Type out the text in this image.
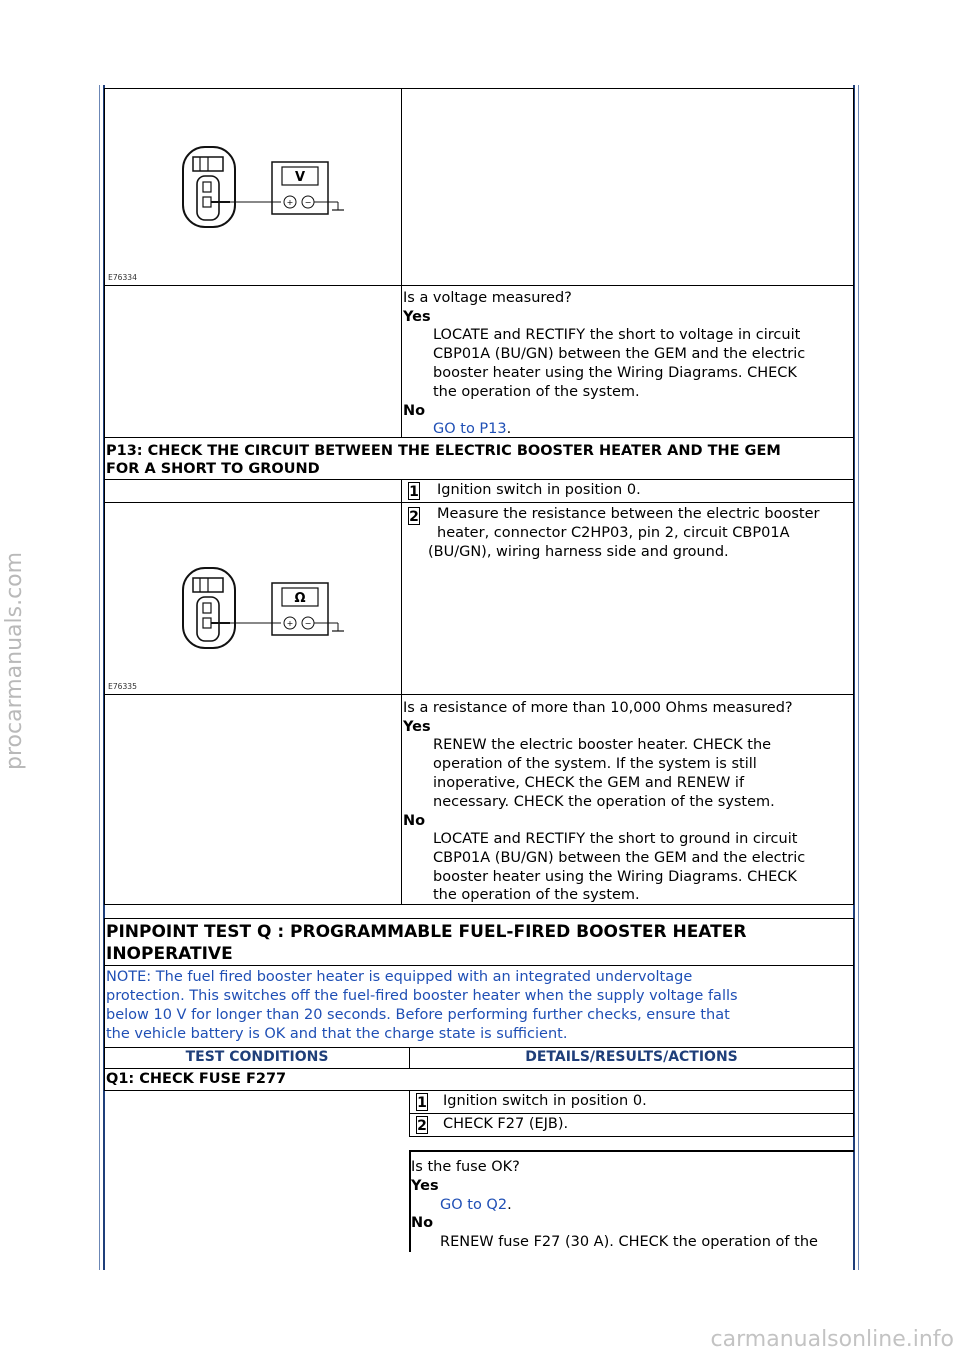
procarmanuals.com
carmanualsonline.info
V
+ −
E76334
Is a voltage measured?
Yes
LOCATE and RECTIFY the short to voltage in circuit
CBP01A (BU/GN) between the GEM and the electric
booster heater using the Wiring Diagrams. CHECK
the operation of the system.
No
GO to P13.
P13: CHECK THE CIRCUIT BETWEEN THE ELECTRIC BOOSTER HEATER AND THE GEM
FOR A SHORT TO GROUND
1 Ignition switch in position 0.
Ω
+ −
E76335
2 Measure the resistance between the electric booster
heater, connector C2HP03, pin 2, circuit CBP01A
(BU/GN), wiring harness side and ground.
Is a resistance of more than 10,000 Ohms measured?
Yes
RENEW the electric booster heater. CHECK the
operation of the system. If the system is still
inoperative, CHECK the GEM and RENEW if
necessary. CHECK the operation of the system.
No
LOCATE and RECTIFY the short to ground in circuit
CBP01A (BU/GN) between the GEM and the electric
booster heater using the Wiring Diagrams. CHECK
the operation of the system.
PINPOINT TEST Q : PROGRAMMABLE FUEL-FIRED BOOSTER HEATER
INOPERATIVE
NOTE: The fuel fired booster heater is equipped with an integrated undervoltage
protection. This switches off the fuel-fired booster heater when the supply voltage falls
below 10 V for longer than 20 seconds. Before performing further checks, ensure that
the vehicle battery is OK and that the charge state is sufficient.
TEST CONDITIONS	DETAILS/RESULTS/ACTIONS
Q1: CHECK FUSE F277
1 Ignition switch in position 0.
2 CHECK F27 (EJB).
Is the fuse OK?
Yes
GO to Q2.
No
RENEW fuse F27 (30 A). CHECK the operation of the
